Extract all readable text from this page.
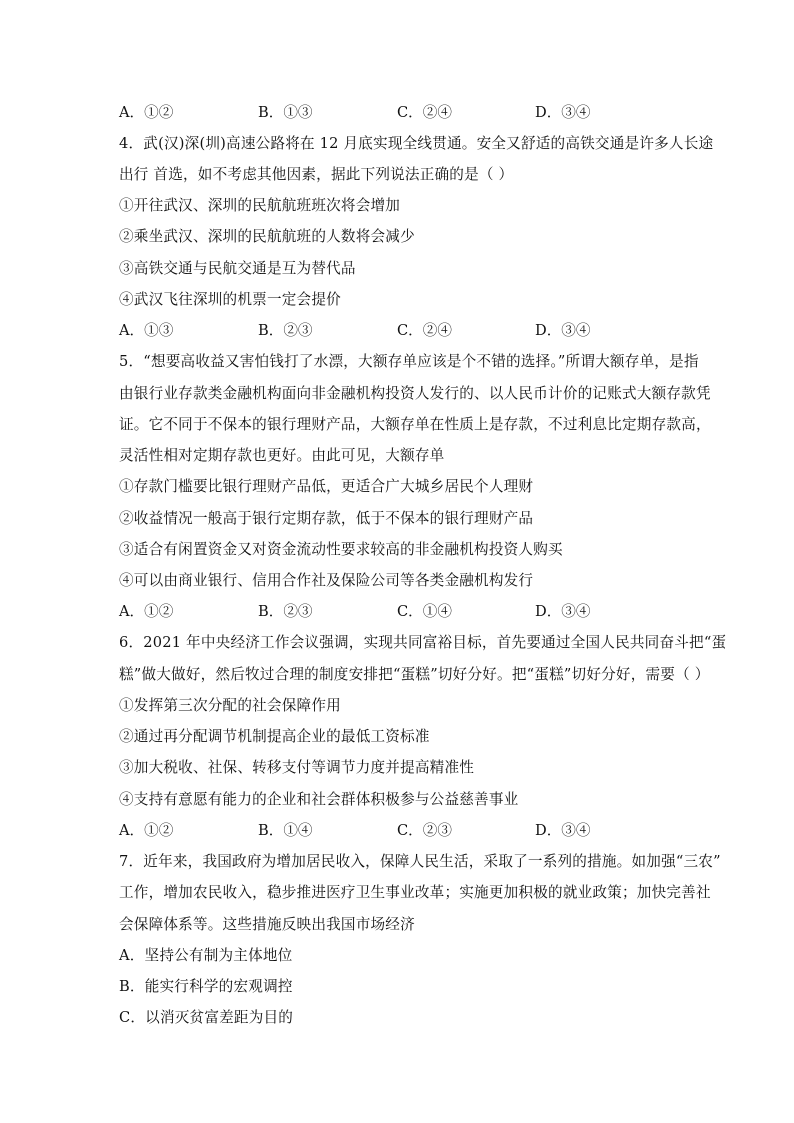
A．①②	B．①③	C．②④	D．③④
4．武(汉)深(圳)高速公路将在 12 月底实现全线贯通。安全又舒适的高铁交通是许多人长途
出行 首选，如不考虑其他因素，据此下列说法正确的是（ ）
①开往武汉、深圳的民航航班班次将会增加
②乘坐武汉、深圳的民航航班的人数将会减少
③高铁交通与民航交通是互为替代品
④武汉飞往深圳的机票一定会提价
A．①③	B．②③	C．②④	D．③④
5．“想要高收益又害怕钱打了水漂，大额存单应该是个不错的选择。”所谓大额存单，是指
由银行业存款类金融机构面向非金融机构投资人发行的、以人民币计价的记账式大额存款凭
证。它不同于不保本的银行理财产品，大额存单在性质上是存款，不过利息比定期存款高，
灵活性相对定期存款也更好。由此可见，大额存单
①存款门槛要比银行理财产品低，更适合广大城乡居民个人理财
②收益情况一般高于银行定期存款，低于不保本的银行理财产品
③适合有闲置资金又对资金流动性要求较高的非金融机构投资人购买
④可以由商业银行、信用合作社及保险公司等各类金融机构发行
A．①②	B．②③	C．①④	D．③④
6．2021 年中央经济工作会议强调，实现共同富裕目标，首先要通过全国人民共同奋斗把“蛋
糕”做大做好，然后牧过合理的制度安排把“蛋糕”切好分好。把“蛋糕”切好分好，需要（ ）
①发挥第三次分配的社会保障作用
②通过再分配调节机制提高企业的最低工资标准
③加大税收、社保、转移支付等调节力度并提高精准性
④支持有意愿有能力的企业和社会群体积极参与公益慈善事业
A．①②	B．①④	C．②③	D．③④
7．近年来，我国政府为增加居民收入，保障人民生活，采取了一系列的措施。如加强“三农”
工作，增加农民收入，稳步推进医疗卫生事业改革；实施更加积极的就业政策；加快完善社
会保障体系等。这些措施反映出我国市场经济
A．坚持公有制为主体地位
B．能实行科学的宏观调控
C．以消灭贫富差距为目的
